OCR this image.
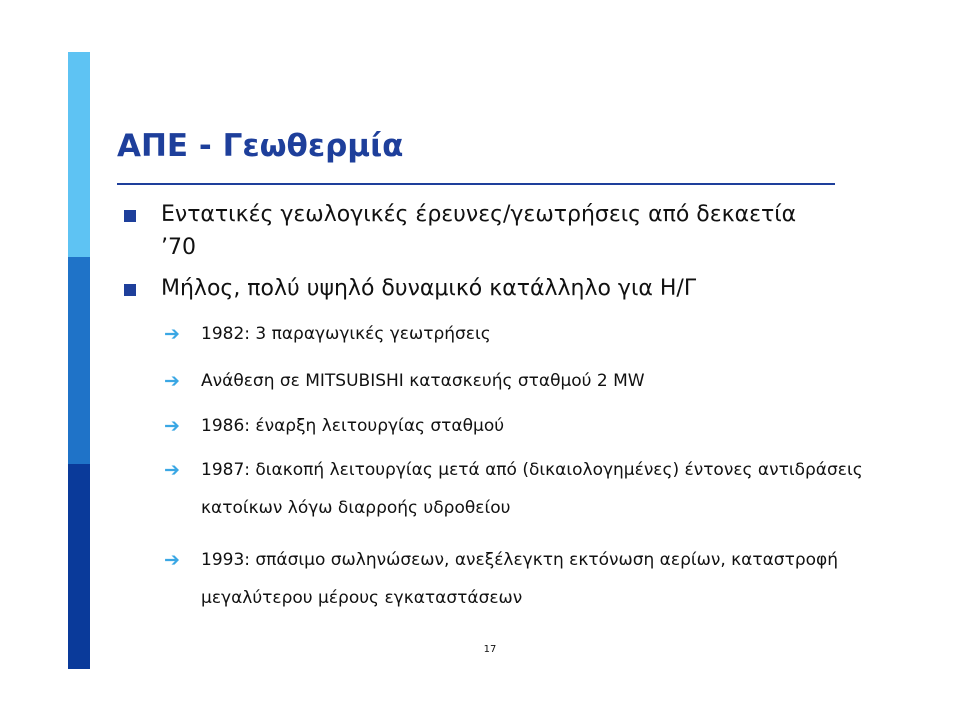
ΑΠΕ - Γεωθερμία
Εντατικές γεωλογικές έρευνες/γεωτρήσεις από δεκαετία ’70
Μήλος, πολύ υψηλό δυναμικό κατάλληλο για Η/Γ
➔ 1982: 3 παραγωγικές γεωτρήσεις
➔ Ανάθεση σε MITSUBISHI κατασκευής σταθμού 2 MW
➔ 1986: έναρξη λειτουργίας σταθμού
➔ 1987: διακοπή λειτουργίας μετά από (δικαιολογημένες) έντονες αντιδράσεις κατοίκων λόγω διαρροής υδροθείου
➔ 1993: σπάσιμο σωληνώσεων, ανεξέλεγκτη εκτόνωση αερίων, καταστροφή μεγαλύτερου μέρους εγκαταστάσεων
17
